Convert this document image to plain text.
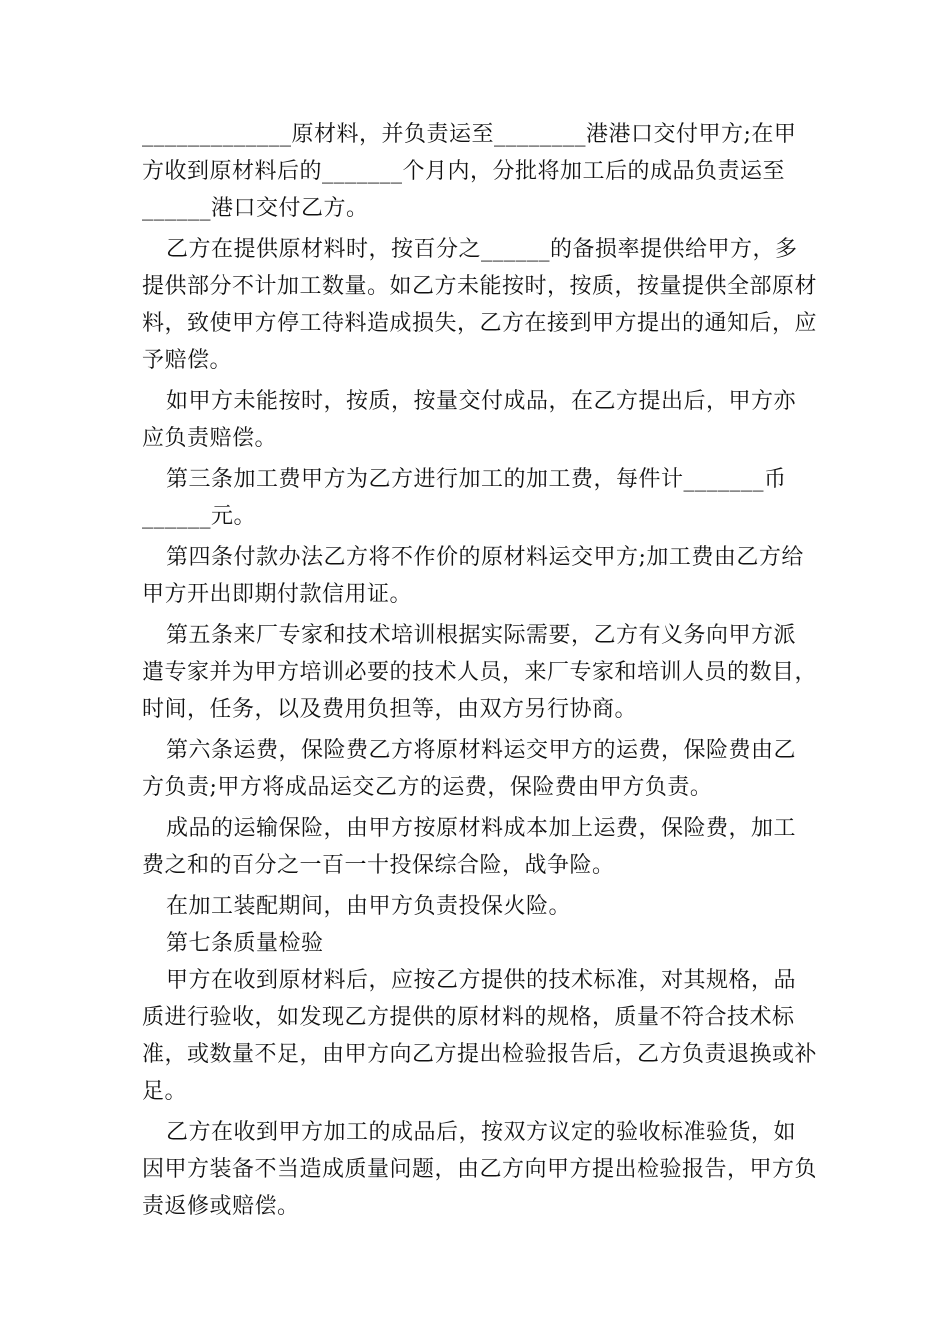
_____________原材料，并负责运至________港港口交付甲方;在甲方收到原材料后的_______个月内，分批将加工后的成品负责运至______港口交付乙方。

乙方在提供原材料时，按百分之______的备损率提供给甲方，多提供部分不计加工数量。如乙方未能按时，按质，按量提供全部原材料，致使甲方停工待料造成损失，乙方在接到甲方提出的通知后，应予赔偿。

如甲方未能按时，按质，按量交付成品，在乙方提出后，甲方亦应负责赔偿。

第三条加工费甲方为乙方进行加工的加工费，每件计_______币______元。

第四条付款办法乙方将不作价的原材料运交甲方;加工费由乙方给甲方开出即期付款信用证。

第五条来厂专家和技术培训根据实际需要，乙方有义务向甲方派遣专家并为甲方培训必要的技术人员，来厂专家和培训人员的数目，时间，任务，以及费用负担等，由双方另行协商。

第六条运费，保险费乙方将原材料运交甲方的运费，保险费由乙方负责;甲方将成品运交乙方的运费，保险费由甲方负责。

成品的运输保险，由甲方按原材料成本加上运费，保险费，加工费之和的百分之一百一十投保综合险，战争险。

在加工装配期间，由甲方负责投保火险。

第七条质量检验

甲方在收到原材料后，应按乙方提供的技术标准，对其规格，品质进行验收，如发现乙方提供的原材料的规格，质量不符合技术标准，或数量不足，由甲方向乙方提出检验报告后，乙方负责退换或补足。

乙方在收到甲方加工的成品后，按双方议定的验收标准验货，如因甲方装备不当造成质量问题，由乙方向甲方提出检验报告，甲方负责返修或赔偿。
